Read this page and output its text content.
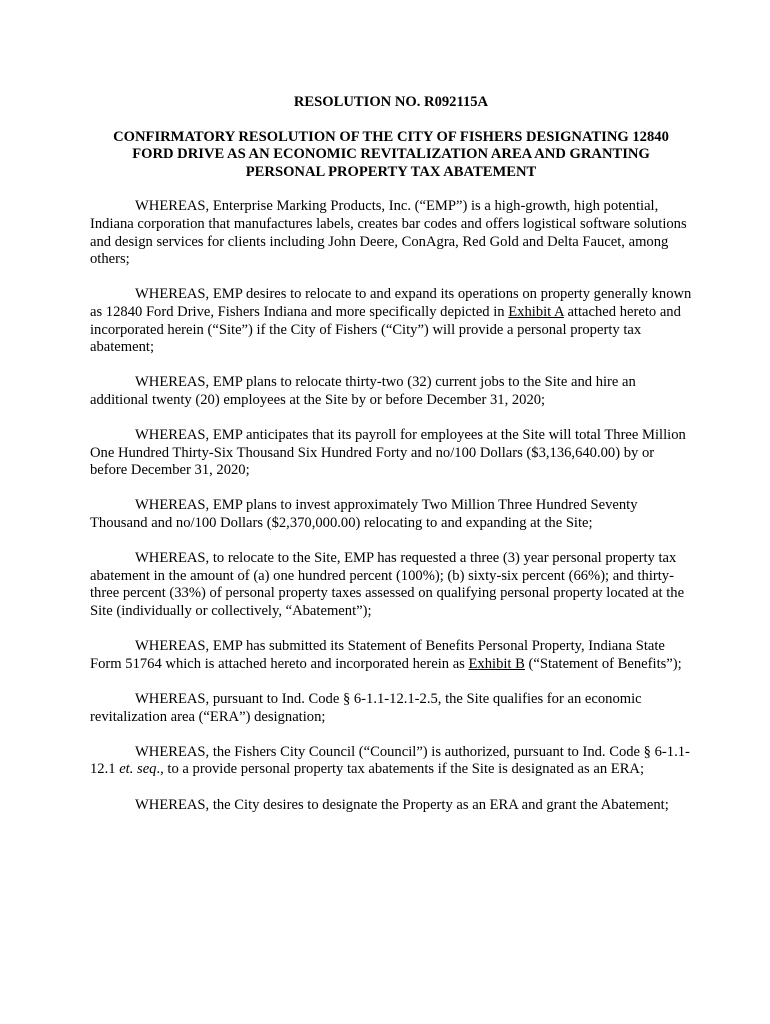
RESOLUTION NO. R092115A
CONFIRMATORY RESOLUTION OF THE CITY OF FISHERS DESIGNATING 12840 FORD DRIVE AS AN ECONOMIC REVITALIZATION AREA AND GRANTING PERSONAL PROPERTY TAX ABATEMENT

WHEREAS, Enterprise Marking Products, Inc. (“EMP”) is a high-growth, high potential, Indiana corporation that manufactures labels, creates bar codes and offers logistical software solutions and design services for clients including John Deere, ConAgra, Red Gold and Delta Faucet, among others;

WHEREAS, EMP desires to relocate to and expand its operations on property generally known as 12840 Ford Drive, Fishers Indiana and more specifically depicted in Exhibit A attached hereto and incorporated herein (“Site”) if the City of Fishers (“City”) will provide a personal property tax abatement;

WHEREAS, EMP plans to relocate thirty-two (32) current jobs to the Site and hire an additional twenty (20) employees at the Site by or before December 31, 2020;

WHEREAS, EMP anticipates that its payroll for employees at the Site will total Three Million One Hundred Thirty-Six Thousand Six Hundred Forty and no/100 Dollars ($3,136,640.00) by or before December 31, 2020;

WHEREAS, EMP plans to invest approximately Two Million Three Hundred Seventy Thousand and no/100 Dollars ($2,370,000.00) relocating to and expanding at the Site;

WHEREAS, to relocate to the Site, EMP has requested a three (3) year personal property tax abatement in the amount of (a) one hundred percent (100%); (b) sixty-six percent (66%); and thirty-three percent (33%) of personal property taxes assessed on qualifying personal property located at the Site (individually or collectively, “Abatement”);

WHEREAS, EMP has submitted its Statement of Benefits Personal Property, Indiana State Form 51764 which is attached hereto and incorporated herein as Exhibit B (“Statement of Benefits”);

WHEREAS, pursuant to Ind. Code § 6-1.1-12.1-2.5, the Site qualifies for an economic revitalization area (“ERA”) designation;

WHEREAS, the Fishers City Council (“Council”) is authorized, pursuant to Ind. Code § 6-1.1-12.1 et. seq., to a provide personal property tax abatements if the Site is designated as an ERA;

WHEREAS, the City desires to designate the Property as an ERA and grant the Abatement;
